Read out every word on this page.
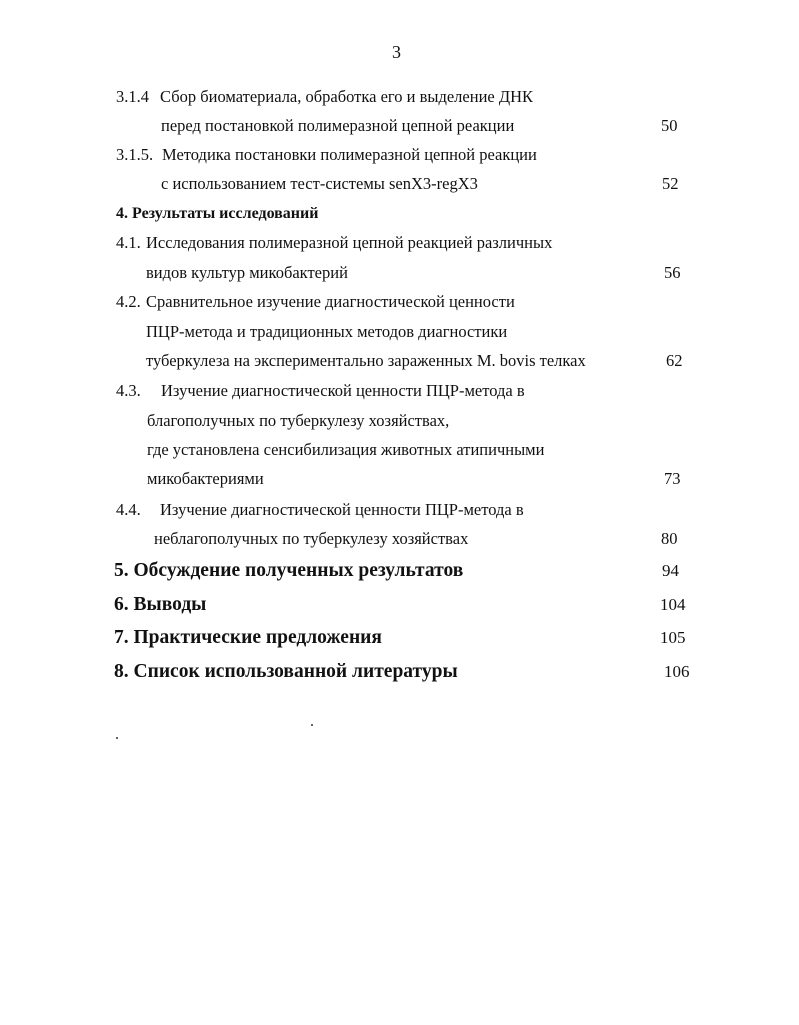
3
3.1.4 Сбор биоматериала, обработка его и выделение ДНК
перед постановкой полимеразной цепной реакции	50
3.1.5. Методика постановки полимеразной цепной реакции
с использованием тест-системы senX3-regX3	52
4. Результаты исследований
4.1. Исследования полимеразной цепной реакцией различных
видов культур микобактерий	56
4.2. Сравнительное изучение диагностической ценности
ПЦР-метода и традиционных методов диагностики
туберкулеза на экспериментально зараженных M. bovis телках	62
4.3. Изучение диагностической ценности ПЦР-метода в
благополучных по туберкулезу хозяйствах,
где установлена сенсибилизация животных атипичными
микобактериями	73
4.4. Изучение диагностической ценности ПЦР-метода в
неблагополучных по туберкулезу хозяйствах	80
5. Обсуждение полученных результатов	94
6. Выводы	104
7. Практические предложения	105
8. Список использованной литературы	106
